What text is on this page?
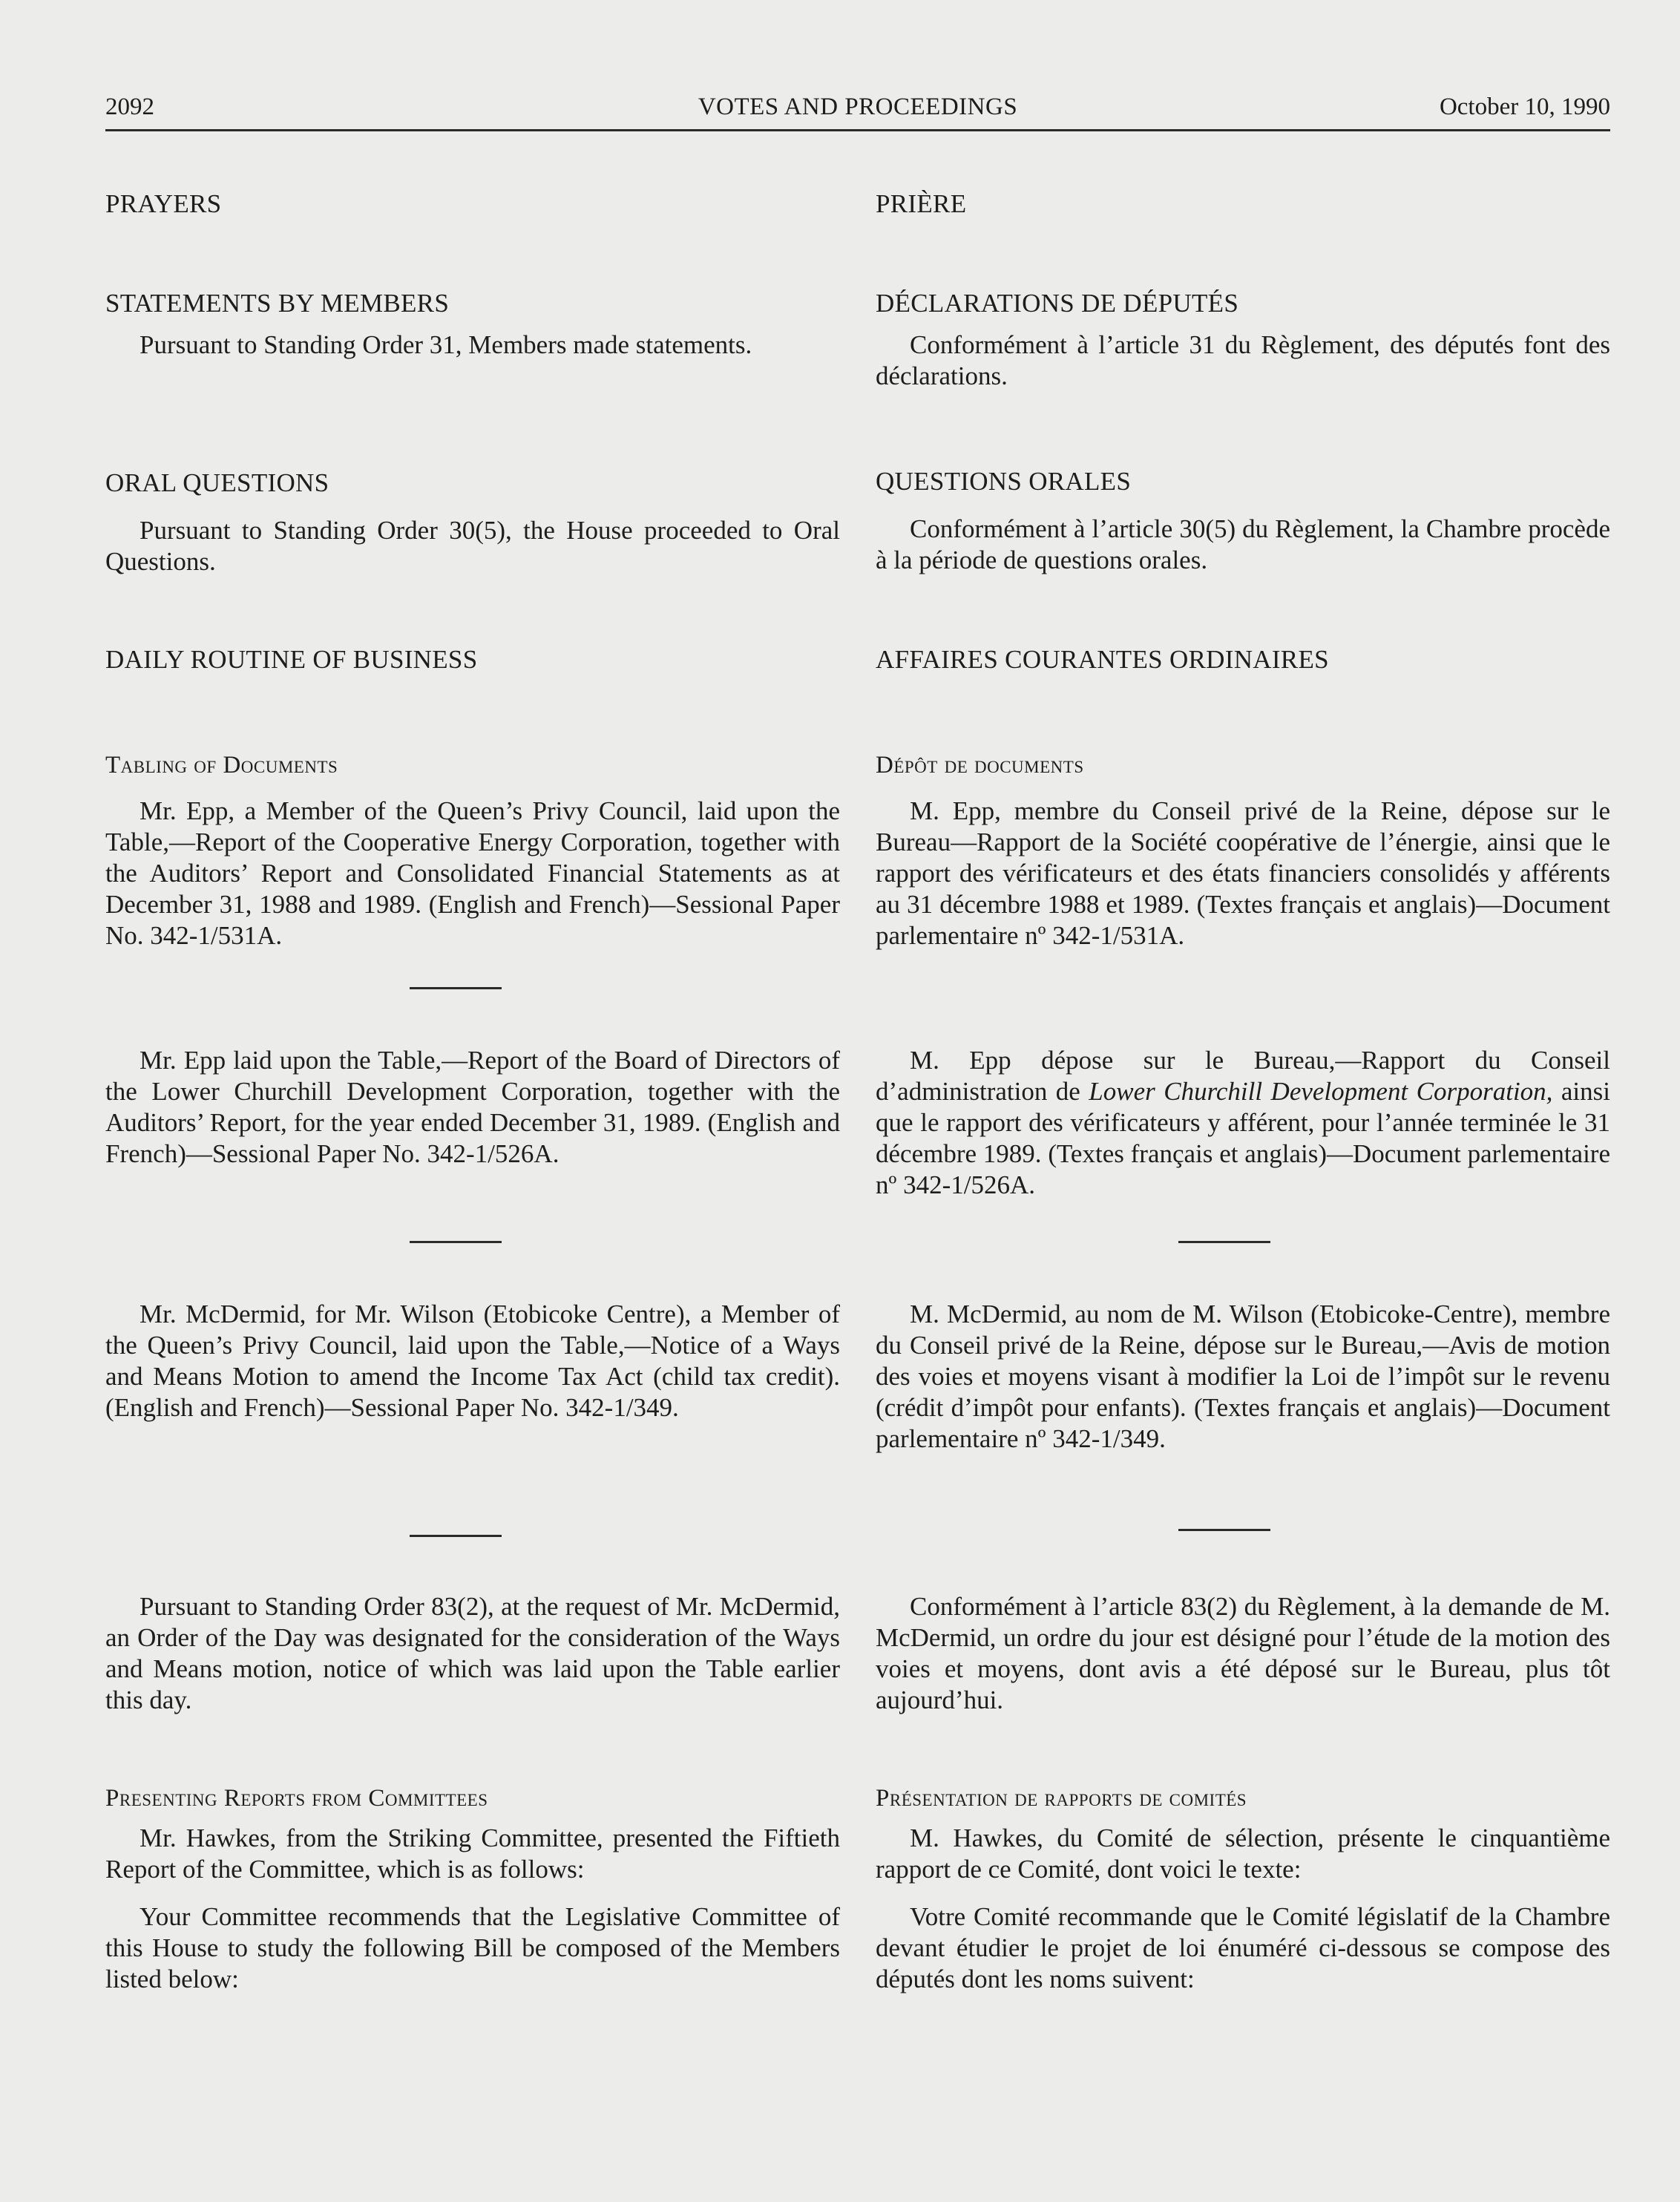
2092	VOTES AND PROCEEDINGS	October 10, 1990
PRAYERS
STATEMENTS BY MEMBERS

Pursuant to Standing Order 31, Members made statements.

ORAL QUESTIONS

Pursuant to Standing Order 30(5), the House proceeded to Oral Questions.

DAILY ROUTINE OF BUSINESS
Tabling of Documents

Mr. Epp, a Member of the Queen’s Privy Council, laid upon the Table,—Report of the Cooperative Energy Corporation, together with the Auditors’ Report and Consolidated Financial Statements as at December 31, 1988 and 1989. (English and French)—Sessional Paper No. 342-1/531A.

Mr. Epp laid upon the Table,—Report of the Board of Directors of the Lower Churchill Development Corporation, together with the Auditors’ Report, for the year ended December 31, 1989. (English and French)—Sessional Paper No. 342-1/526A.

Mr. McDermid, for Mr. Wilson (Etobicoke Centre), a Member of the Queen’s Privy Council, laid upon the Table,—Notice of a Ways and Means Motion to amend the Income Tax Act (child tax credit). (English and French)—Sessional Paper No. 342-1/349.

Pursuant to Standing Order 83(2), at the request of Mr. McDermid, an Order of the Day was designated for the consideration of the Ways and Means motion, notice of which was laid upon the Table earlier this day.

Presenting Reports from Committees

Mr. Hawkes, from the Striking Committee, presented the Fiftieth Report of the Committee, which is as follows:

Your Committee recommends that the Legislative Committee of this House to study the following Bill be composed of the Members listed below:

PRIÈRE
DÉCLARATIONS DE DÉPUTÉS

Conformément à l’article 31 du Règlement, des députés font des déclarations.

QUESTIONS ORALES

Conformément à l’article 30(5) du Règlement, la Chambre procède à la période de questions orales.

AFFAIRES COURANTES ORDINAIRES
Dépôt de documents

M. Epp, membre du Conseil privé de la Reine, dépose sur le Bureau—Rapport de la Société coopérative de l’énergie, ainsi que le rapport des vérificateurs et des états financiers consolidés y afférents au 31 décembre 1988 et 1989. (Textes français et anglais)—Document parlementaire nº 342-1/531A.

M. Epp dépose sur le Bureau,—Rapport du Conseil d’administration de Lower Churchill Development Corporation, ainsi que le rapport des vérificateurs y afférent, pour l’année terminée le 31 décembre 1989. (Textes français et anglais)—Document parlementaire nº 342-1/526A.

M. McDermid, au nom de M. Wilson (Etobicoke-Centre), membre du Conseil privé de la Reine, dépose sur le Bureau,—Avis de motion des voies et moyens visant à modifier la Loi de l’impôt sur le revenu (crédit d’impôt pour enfants). (Textes français et anglais)—Document parlementaire nº 342-1/349.

Conformément à l’article 83(2) du Règlement, à la demande de M. McDermid, un ordre du jour est désigné pour l’étude de la motion des voies et moyens, dont avis a été déposé sur le Bureau, plus tôt aujourd’hui.

Présentation de rapports de comités

M. Hawkes, du Comité de sélection, présente le cinquantième rapport de ce Comité, dont voici le texte:

Votre Comité recommande que le Comité législatif de la Chambre devant étudier le projet de loi énuméré ci-dessous se compose des députés dont les noms suivent:
